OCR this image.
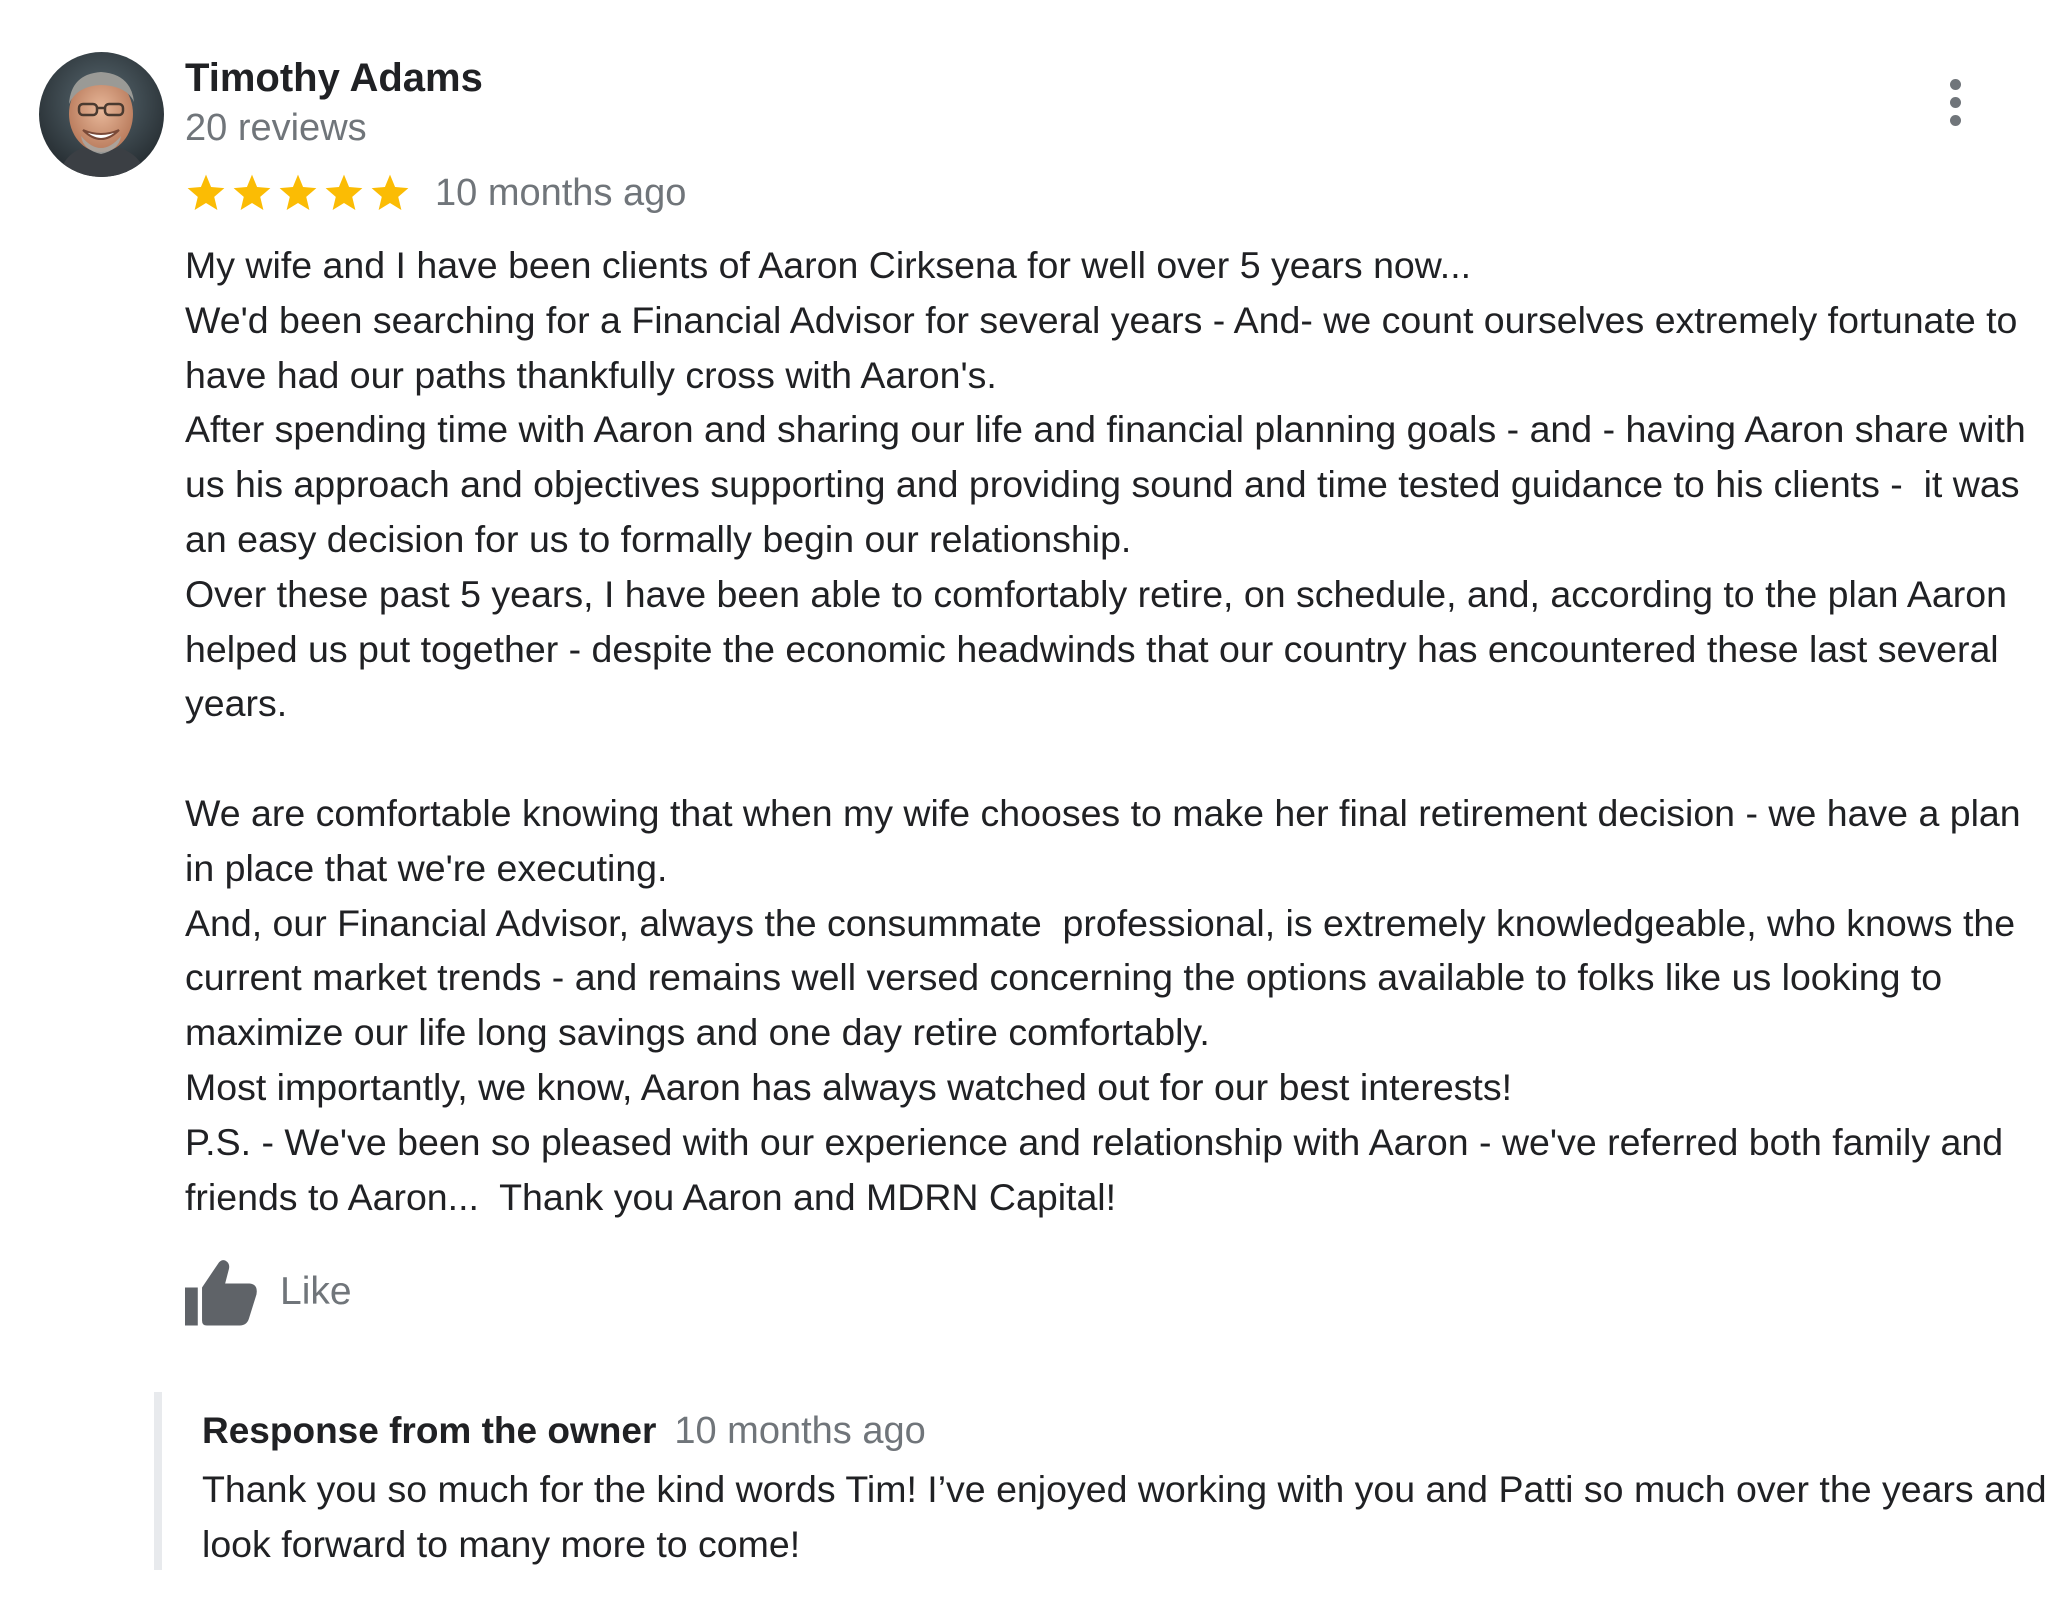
Timothy Adams
20 reviews
10 months ago
My wife and I have been clients of Aaron Cirksena for well over 5 years now...
We'd been searching for a Financial Advisor for several years - And- we count ourselves extremely fortunate to have had our paths thankfully cross with Aaron's.
After spending time with Aaron and sharing our life and financial planning goals - and - having Aaron share with us his approach and objectives supporting and providing sound and time tested guidance to his clients -  it was an easy decision for us to formally begin our relationship.
Over these past 5 years, I have been able to comfortably retire, on schedule, and, according to the plan Aaron helped us put together - despite the economic headwinds that our country has encountered these last several years.

We are comfortable knowing that when my wife chooses to make her final retirement decision - we have a plan in place that we're executing.
And, our Financial Advisor, always the consummate  professional, is extremely knowledgeable, who knows the current market trends - and remains well versed concerning the options available to folks like us looking to maximize our life long savings and one day retire comfortably.
Most importantly, we know, Aaron has always watched out for our best interests!
P.S. - We've been so pleased with our experience and relationship with Aaron - we've referred both family and friends to Aaron...  Thank you Aaron and MDRN Capital!
Like
Response from the owner 10 months ago
Thank you so much for the kind words Tim! I’ve enjoyed working with you and Patti so much over the years and look forward to many more to come!
